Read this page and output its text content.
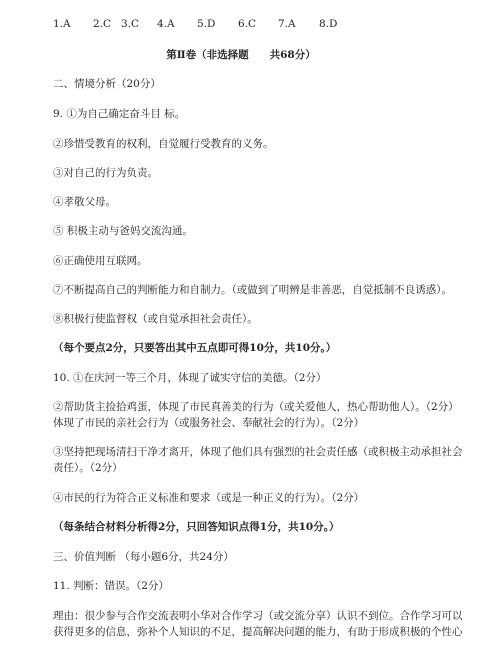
1.A 2.C 3.C 4.A 5.D 6.C 7.A 8.D
第Ⅱ卷（非选择题　　共68分）
二、情境分析（20分）
9. ①为自己确定奋斗目 标。
②珍惜受教育的权利，自觉履行受教育的义务。
③对自己的行为负责。
④孝敬父母。
⑤ 积极主动与爸妈交流沟通。
⑥正确使用互联网。
⑦不断提高自己的判断能力和自制力。（或做到了明辨是非善恶，自觉抵制不良诱惑）。
⑧积极行使监督权（或自觉承担社会责任）。
（每个要点2分，只要答出其中五点即可得10分，共10分。）
10. ①在庆河一等三个月，体现了诚实守信的美德。（2分）
②帮助货主捡拾鸡蛋，体现了市民真善美的行为（或关爱他人，热心帮助他人）。（2分）
体现了市民的亲社会行为（或服务社会、奉献社会的行为）。（2分）
③坚持把现场清扫干净才离开，体现了他们具有强烈的社会责任感（或积极主动承担社会
责任）。（2分）
④市民的行为符合正义标准和要求（或是一种正义的行为）。（2分）
（每条结合材料分析得2分，只回答知识点得1分，共10分。）
三、价值判断 （每小题6分，共24分）
11. 判断：错误。（2分）
理由：很少参与合作交流表明小华对合作学习（或交流分享）认识不到位。合作学习可以
获得更多的信息，弥补个人知识的不足，提高解决问题的能力，有助于形成积极的个性心
